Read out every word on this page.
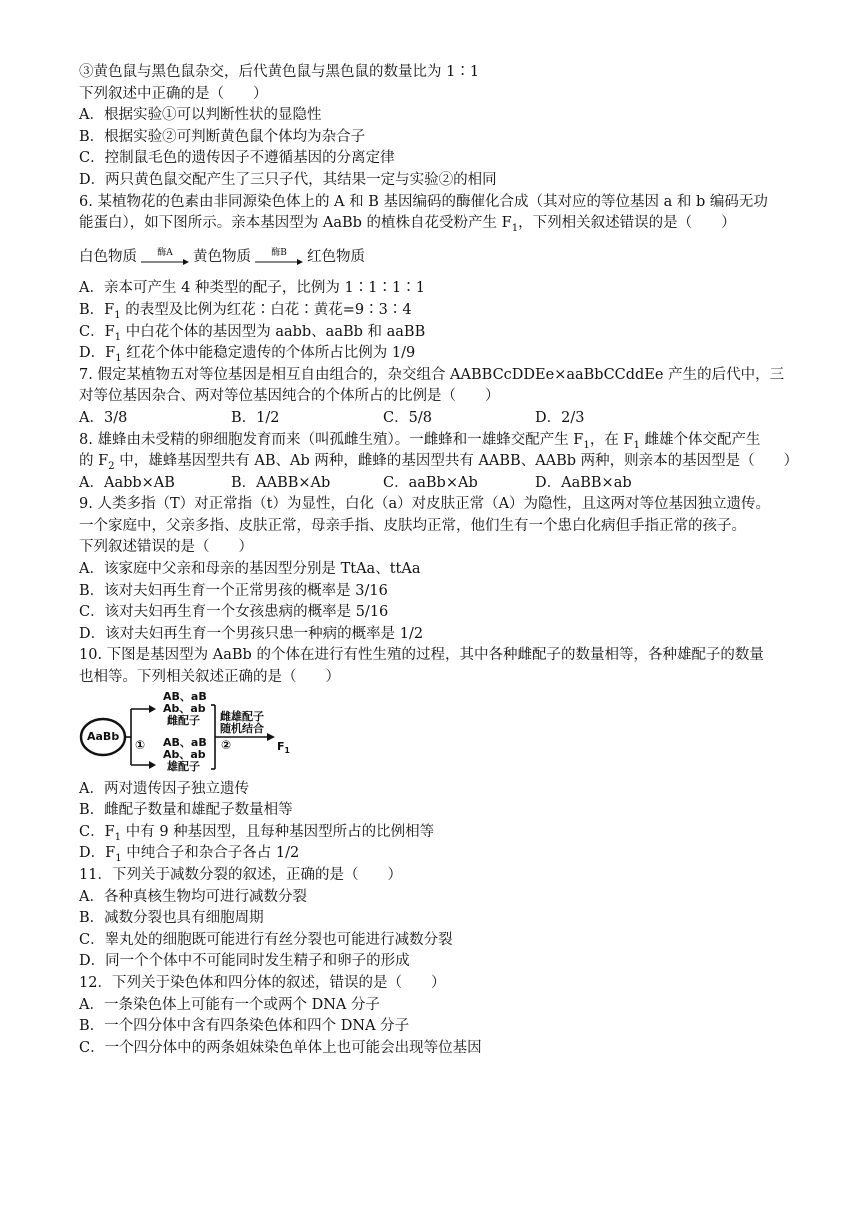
③黄色鼠与黑色鼠杂交，后代黄色鼠与黑色鼠的数量比为 1∶1
下列叙述中正确的是（　　）
A．根据实验①可以判断性状的显隐性
B．根据实验②可判断黄色鼠个体均为杂合子
C．控制鼠毛色的遗传因子不遵循基因的分离定律
D．两只黄色鼠交配产生了三只子代，其结果一定与实验②的相同
6. 某植物花的色素由非同源染色体上的 A 和 B 基因编码的酶催化合成（其对应的等位基因 a 和 b 编码无功
能蛋白），如下图所示。亲本基因型为 AaBb 的植株自花受粉产生 $F_1$，下列相关叙述错误的是（　　）
白色物质 酶A 黄色物质 酶B 红色物质
A．亲本可产生 4 种类型的配子，比例为 1∶1∶1∶1
B．$F_1$ 的表型及比例为红花∶白花∶黄花=9∶3∶4
C．$F_1$ 中白花个体的基因型为 aabb、aaBb 和 aaBB
D．$F_1$ 红花个体中能稳定遗传的个体所占比例为 1/9
7. 假定某植物五对等位基因是相互自由组合的，杂交组合 AABBCcDDEe×aaBbCCddEe 产生的后代中，三
对等位基因杂合、两对等位基因纯合的个体所占的比例是（　　）
A．3/8	B．1/2	C．5/8	D．2/3
8. 雄蜂由未受精的卵细胞发育而来（叫孤雌生殖）。一雌蜂和一雄蜂交配产生 $F_1$，在 $F_1$ 雌雄个体交配产生
的 $F_2$ 中，雄蜂基因型共有 AB、Ab 两种，雌蜂的基因型共有 AABB、AABb 两种，则亲本的基因型是（　　）
A．Aabb×AB	B．AABB×Ab	C．aaBb×Ab	D．AaBB×ab
9. 人类多指（T）对正常指（t）为显性，白化（a）对皮肤正常（A）为隐性，且这两对等位基因独立遗传。
一个家庭中，父亲多指、皮肤正常，母亲手指、皮肤均正常，他们生有一个患白化病但手指正常的孩子。
下列叙述错误的是（　　）
A．该家庭中父亲和母亲的基因型分别是 TtAa、ttAa
B．该对夫妇再生育一个正常男孩的概率是 3/16
C．该对夫妇再生育一个女孩患病的概率是 5/16
D．该对夫妇再生育一个男孩只患一种病的概率是 1/2
10. 下图是基因型为 AaBb 的个体在进行有性生殖的过程，其中各种雌配子的数量相等，各种雄配子的数量
也相等。下列相关叙述正确的是（　　）
AaBb
AB、aB
Ab、ab
雌配子
AB、aB
Ab、ab
雄配子
①	②
雌雄配子
随机结合
$F_1$
A．两对遗传因子独立遗传
B．雌配子数量和雄配子数量相等
C．$F_1$ 中有 9 种基因型，且每种基因型所占的比例相等
D．$F_1$ 中纯合子和杂合子各占 1/2
11．下列关于减数分裂的叙述，正确的是（　　）
A．各种真核生物均可进行减数分裂
B．减数分裂也具有细胞周期
C．睾丸处的细胞既可能进行有丝分裂也可能进行减数分裂
D．同一个个体中不可能同时发生精子和卵子的形成
12．下列关于染色体和四分体的叙述，错误的是（　　）
A．一条染色体上可能有一个或两个 DNA 分子
B．一个四分体中含有四条染色体和四个 DNA 分子
C．一个四分体中的两条姐妹染色单体上也可能会出现等位基因
